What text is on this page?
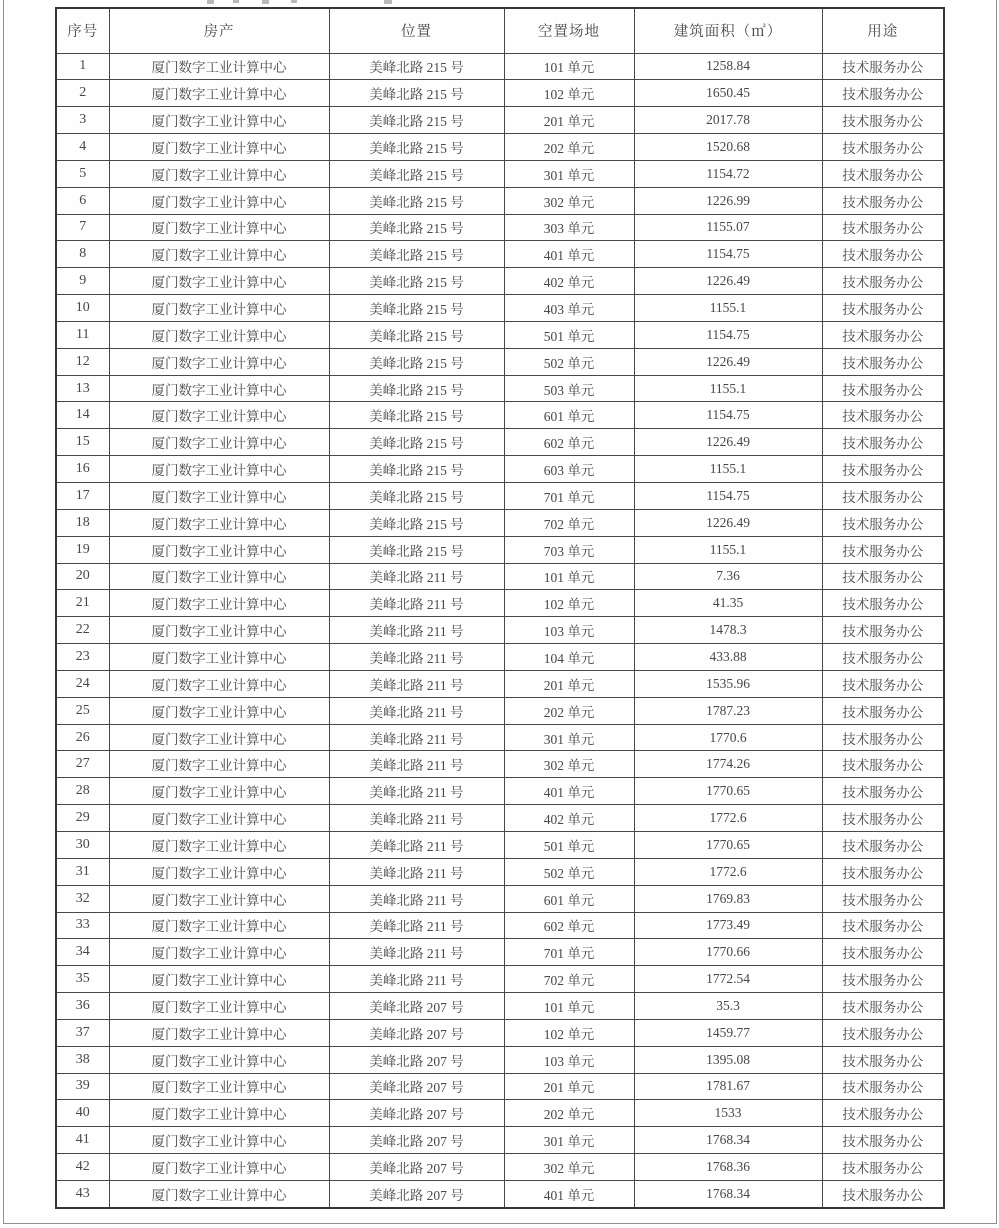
序号	房产	位置	空置场地	建筑面积（㎡）	用途
1	厦门数字工业计算中心	美峰北路 215 号	101 单元	1258.84	技术服务办公
2	厦门数字工业计算中心	美峰北路 215 号	102 单元	1650.45	技术服务办公
3	厦门数字工业计算中心	美峰北路 215 号	201 单元	2017.78	技术服务办公
4	厦门数字工业计算中心	美峰北路 215 号	202 单元	1520.68	技术服务办公
5	厦门数字工业计算中心	美峰北路 215 号	301 单元	1154.72	技术服务办公
6	厦门数字工业计算中心	美峰北路 215 号	302 单元	1226.99	技术服务办公
7	厦门数字工业计算中心	美峰北路 215 号	303 单元	1155.07	技术服务办公
8	厦门数字工业计算中心	美峰北路 215 号	401 单元	1154.75	技术服务办公
9	厦门数字工业计算中心	美峰北路 215 号	402 单元	1226.49	技术服务办公
10	厦门数字工业计算中心	美峰北路 215 号	403 单元	1155.1	技术服务办公
11	厦门数字工业计算中心	美峰北路 215 号	501 单元	1154.75	技术服务办公
12	厦门数字工业计算中心	美峰北路 215 号	502 单元	1226.49	技术服务办公
13	厦门数字工业计算中心	美峰北路 215 号	503 单元	1155.1	技术服务办公
14	厦门数字工业计算中心	美峰北路 215 号	601 单元	1154.75	技术服务办公
15	厦门数字工业计算中心	美峰北路 215 号	602 单元	1226.49	技术服务办公
16	厦门数字工业计算中心	美峰北路 215 号	603 单元	1155.1	技术服务办公
17	厦门数字工业计算中心	美峰北路 215 号	701 单元	1154.75	技术服务办公
18	厦门数字工业计算中心	美峰北路 215 号	702 单元	1226.49	技术服务办公
19	厦门数字工业计算中心	美峰北路 215 号	703 单元	1155.1	技术服务办公
20	厦门数字工业计算中心	美峰北路 211 号	101 单元	7.36	技术服务办公
21	厦门数字工业计算中心	美峰北路 211 号	102 单元	41.35	技术服务办公
22	厦门数字工业计算中心	美峰北路 211 号	103 单元	1478.3	技术服务办公
23	厦门数字工业计算中心	美峰北路 211 号	104 单元	433.88	技术服务办公
24	厦门数字工业计算中心	美峰北路 211 号	201 单元	1535.96	技术服务办公
25	厦门数字工业计算中心	美峰北路 211 号	202 单元	1787.23	技术服务办公
26	厦门数字工业计算中心	美峰北路 211 号	301 单元	1770.6	技术服务办公
27	厦门数字工业计算中心	美峰北路 211 号	302 单元	1774.26	技术服务办公
28	厦门数字工业计算中心	美峰北路 211 号	401 单元	1770.65	技术服务办公
29	厦门数字工业计算中心	美峰北路 211 号	402 单元	1772.6	技术服务办公
30	厦门数字工业计算中心	美峰北路 211 号	501 单元	1770.65	技术服务办公
31	厦门数字工业计算中心	美峰北路 211 号	502 单元	1772.6	技术服务办公
32	厦门数字工业计算中心	美峰北路 211 号	601 单元	1769.83	技术服务办公
33	厦门数字工业计算中心	美峰北路 211 号	602 单元	1773.49	技术服务办公
34	厦门数字工业计算中心	美峰北路 211 号	701 单元	1770.66	技术服务办公
35	厦门数字工业计算中心	美峰北路 211 号	702 单元	1772.54	技术服务办公
36	厦门数字工业计算中心	美峰北路 207 号	101 单元	35.3	技术服务办公
37	厦门数字工业计算中心	美峰北路 207 号	102 单元	1459.77	技术服务办公
38	厦门数字工业计算中心	美峰北路 207 号	103 单元	1395.08	技术服务办公
39	厦门数字工业计算中心	美峰北路 207 号	201 单元	1781.67	技术服务办公
40	厦门数字工业计算中心	美峰北路 207 号	202 单元	1533	技术服务办公
41	厦门数字工业计算中心	美峰北路 207 号	301 单元	1768.34	技术服务办公
42	厦门数字工业计算中心	美峰北路 207 号	302 单元	1768.36	技术服务办公
43	厦门数字工业计算中心	美峰北路 207 号	401 单元	1768.34	技术服务办公
